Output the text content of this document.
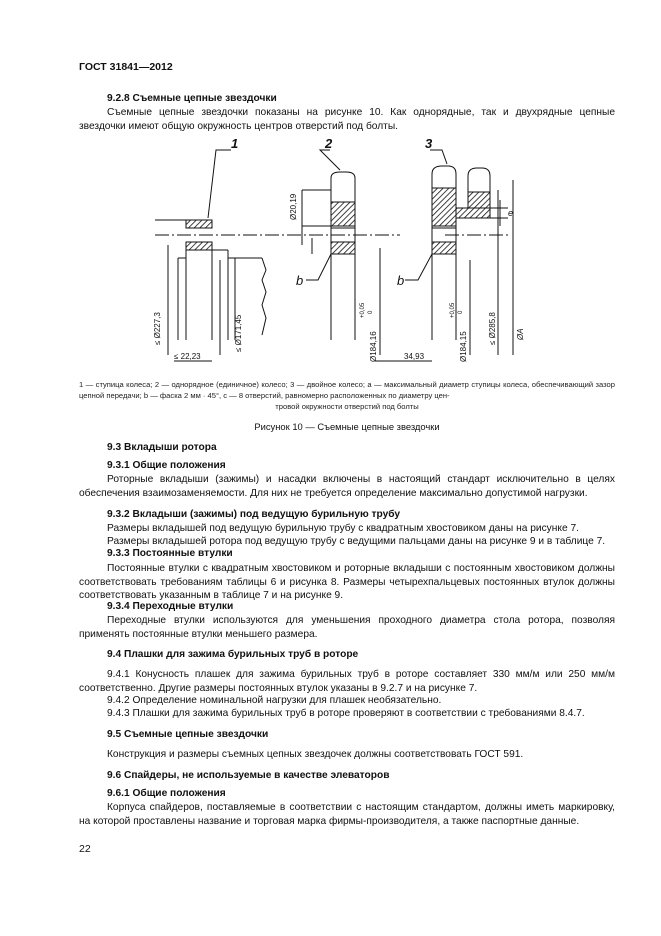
ГОСТ 31841—2012
9.2.8 Съемные цепные звездочки
Съемные цепные звездочки показаны на рисунке 10. Как однорядные, так и двухрядные цепные звездочки имеют общую окружность центров отверстий под болты.
1	2	3
Ø20,19	e
b	b
≤ Ø227,3	≤ Ø171,45
≤ 22,23	Ø184,16
+0,05 0
Ø184,15
+0,05 0
34,93
≤ Ø285,8 ØA
1 — ступица колеса; 2 — однорядное (единичное) колесо; 3 — двойное колесо; a — максимальный диаметр ступицы колеса, обеспечивающий зазор цепной передачи; b — фаска 2 мм · 45°, c — 8 отверстий, равномерно расположенных по диаметру цен-
тровой окружности отверстий под болты
Рисунок 10 — Съемные цепные звездочки
9.3 Вкладыши ротора
9.3.1 Общие положения
Роторные вкладыши (зажимы) и насадки включены в настоящий стандарт исключительно в целях обеспечения взаимозаменяемости. Для них не требуется определение максимально допустимой нагрузки.
9.3.2 Вкладыши (зажимы) под ведущую бурильную трубу
Размеры вкладышей под ведущую бурильную трубу с квадратным хвостовиком даны на рисунке 7.
Размеры вкладышей ротора под ведущую трубу с ведущими пальцами даны на рисунке 9 и в таблице 7.
9.3.3 Постоянные втулки
Постоянные втулки с квадратным хвостовиком и роторные вкладыши с постоянным хвостовиком должны соответствовать требованиям таблицы 6 и рисунка 8. Размеры четырехпальцевых постоянных втулок должны соответствовать указанным в таблице 7 и на рисунке 9.
9.3.4 Переходные втулки
Переходные втулки используются для уменьшения проходного диаметра стола ротора, позволяя применять постоянные втулки меньшего размера.
9.4 Плашки для зажима бурильных труб в роторе
9.4.1 Конусность плашек для зажима бурильных труб в роторе составляет 330 мм/м или 250 мм/м соответственно. Другие размеры постоянных втулок указаны в 9.2.7 и на рисунке 7.
9.4.2 Определение номинальной нагрузки для плашек необязательно.
9.4.3 Плашки для зажима бурильных труб в роторе проверяют в соответствии с требованиями 8.4.7.
9.5 Съемные цепные звездочки
Конструкция и размеры съемных цепных звездочек должны соответствовать ГОСТ 591.
9.6 Спайдеры, не используемые в качестве элеваторов
9.6.1 Общие положения
Корпуса спайдеров, поставляемые в соответствии с настоящим стандартом, должны иметь маркировку, на которой проставлены название и торговая марка фирмы-производителя, а также паспортные данные.
22
